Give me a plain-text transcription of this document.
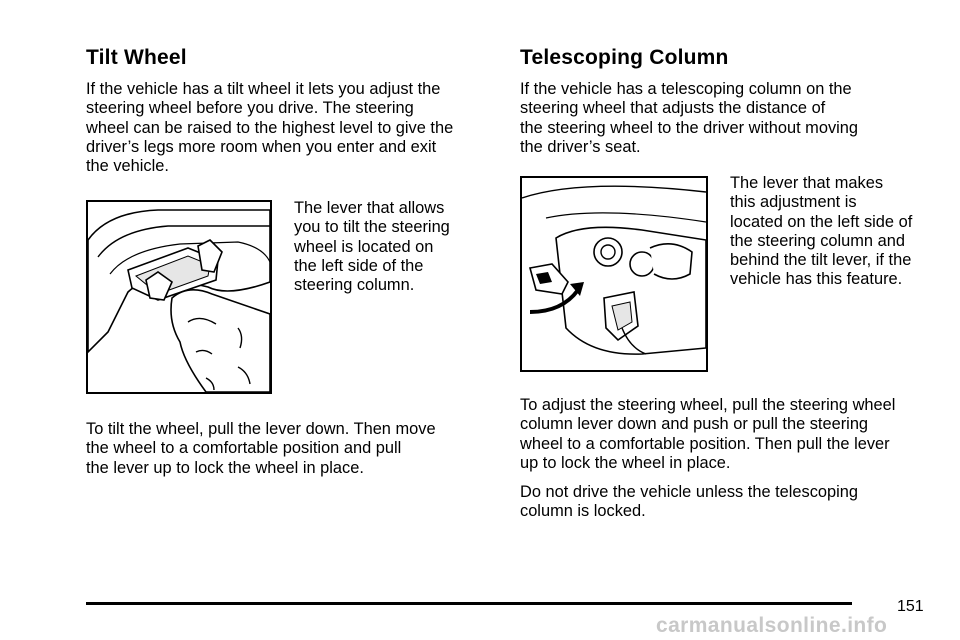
Tilt Wheel

If the vehicle has a tilt wheel it lets you adjust the
steering wheel before you drive. The steering
wheel can be raised to the highest level to give the
driver’s legs more room when you enter and exit
the vehicle.

The lever that allows
you to tilt the steering
wheel is located on
the left side of the
steering column.

To tilt the wheel, pull the lever down. Then move
the wheel to a comfortable position and pull
the lever up to lock the wheel in place.

Telescoping Column

If the vehicle has a telescoping column on the
steering wheel that adjusts the distance of
the steering wheel to the driver without moving
the driver’s seat.

The lever that makes
this adjustment is
located on the left side of
the steering column and
behind the tilt lever, if the
vehicle has this feature.

To adjust the steering wheel, pull the steering wheel
column lever down and push or pull the steering
wheel to a comfortable position. Then pull the lever
up to lock the wheel in place.

Do not drive the vehicle unless the telescoping
column is locked.

151
carmanualsonline.info
